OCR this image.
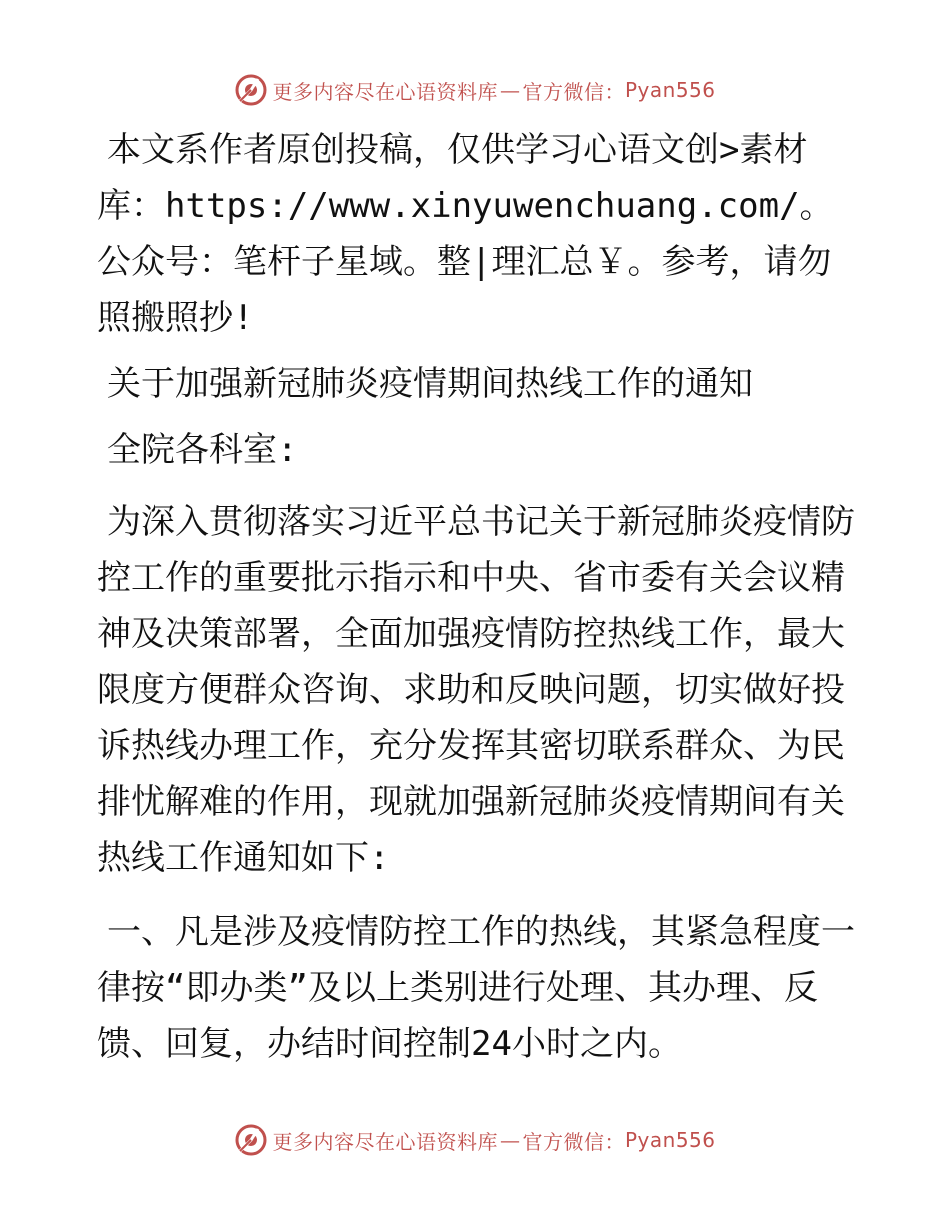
更多内容尽在心语资料库 — 官方微信： Pyan556

本文系作者原创投稿，仅供学习心语文创>素材库：https://www.xinyuwenchuang.com/。公众号：笔杆子星域。整|理汇总￥。参考，请勿照搬照抄!

关于加强新冠肺炎疫情期间热线工作的通知

全院各科室:

为深入贯彻落实习近平总书记关于新冠肺炎疫情防控工作的重要批示指示和中央、省市委有关会议精神及决策部署，全面加强疫情防控热线工作，最大限度方便群众咨询、求助和反映问题，切实做好投诉热线办理工作，充分发挥其密切联系群众、为民排忧解难的作用，现就加强新冠肺炎疫情期间有关热线工作通知如下:

一、凡是涉及疫情防控工作的热线，其紧急程度一律按“即办类”及以上类别进行处理、其办理、反馈、回复，办结时间控制24小时之内。

更多内容尽在心语资料库 — 官方微信： Pyan556
